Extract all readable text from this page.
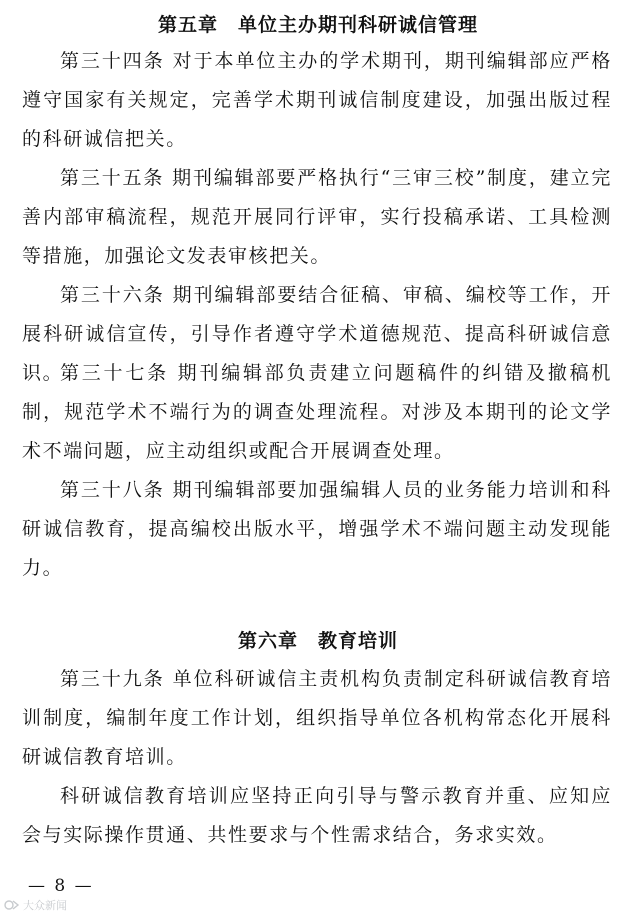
第五章　单位主办期刊科研诚信管理

第三十四条 对于本单位主办的学术期刊，期刊编辑部应严格遵守国家有关规定，完善学术期刊诚信制度建设，加强出版过程的科研诚信把关。

第三十五条 期刊编辑部要严格执行“三审三校”制度，建立完善内部审稿流程，规范开展同行评审，实行投稿承诺、工具检测等措施，加强论文发表审核把关。

第三十六条 期刊编辑部要结合征稿、审稿、编校等工作，开展科研诚信宣传，引导作者遵守学术道德规范、提高科研诚信意识。

第三十七条 期刊编辑部负责建立问题稿件的纠错及撤稿机制，规范学术不端行为的调查处理流程。对涉及本期刊的论文学术不端问题，应主动组织或配合开展调查处理。

第三十八条 期刊编辑部要加强编辑人员的业务能力培训和科研诚信教育，提高编校出版水平，增强学术不端问题主动发现能力。

第六章　教育培训

第三十九条 单位科研诚信主责机构负责制定科研诚信教育培训制度，编制年度工作计划，组织指导单位各机构常态化开展科研诚信教育培训。

科研诚信教育培训应坚持正向引导与警示教育并重、应知应会与实际操作贯通、共性要求与个性需求结合，务求实效。

— 8 —

大众新闻
